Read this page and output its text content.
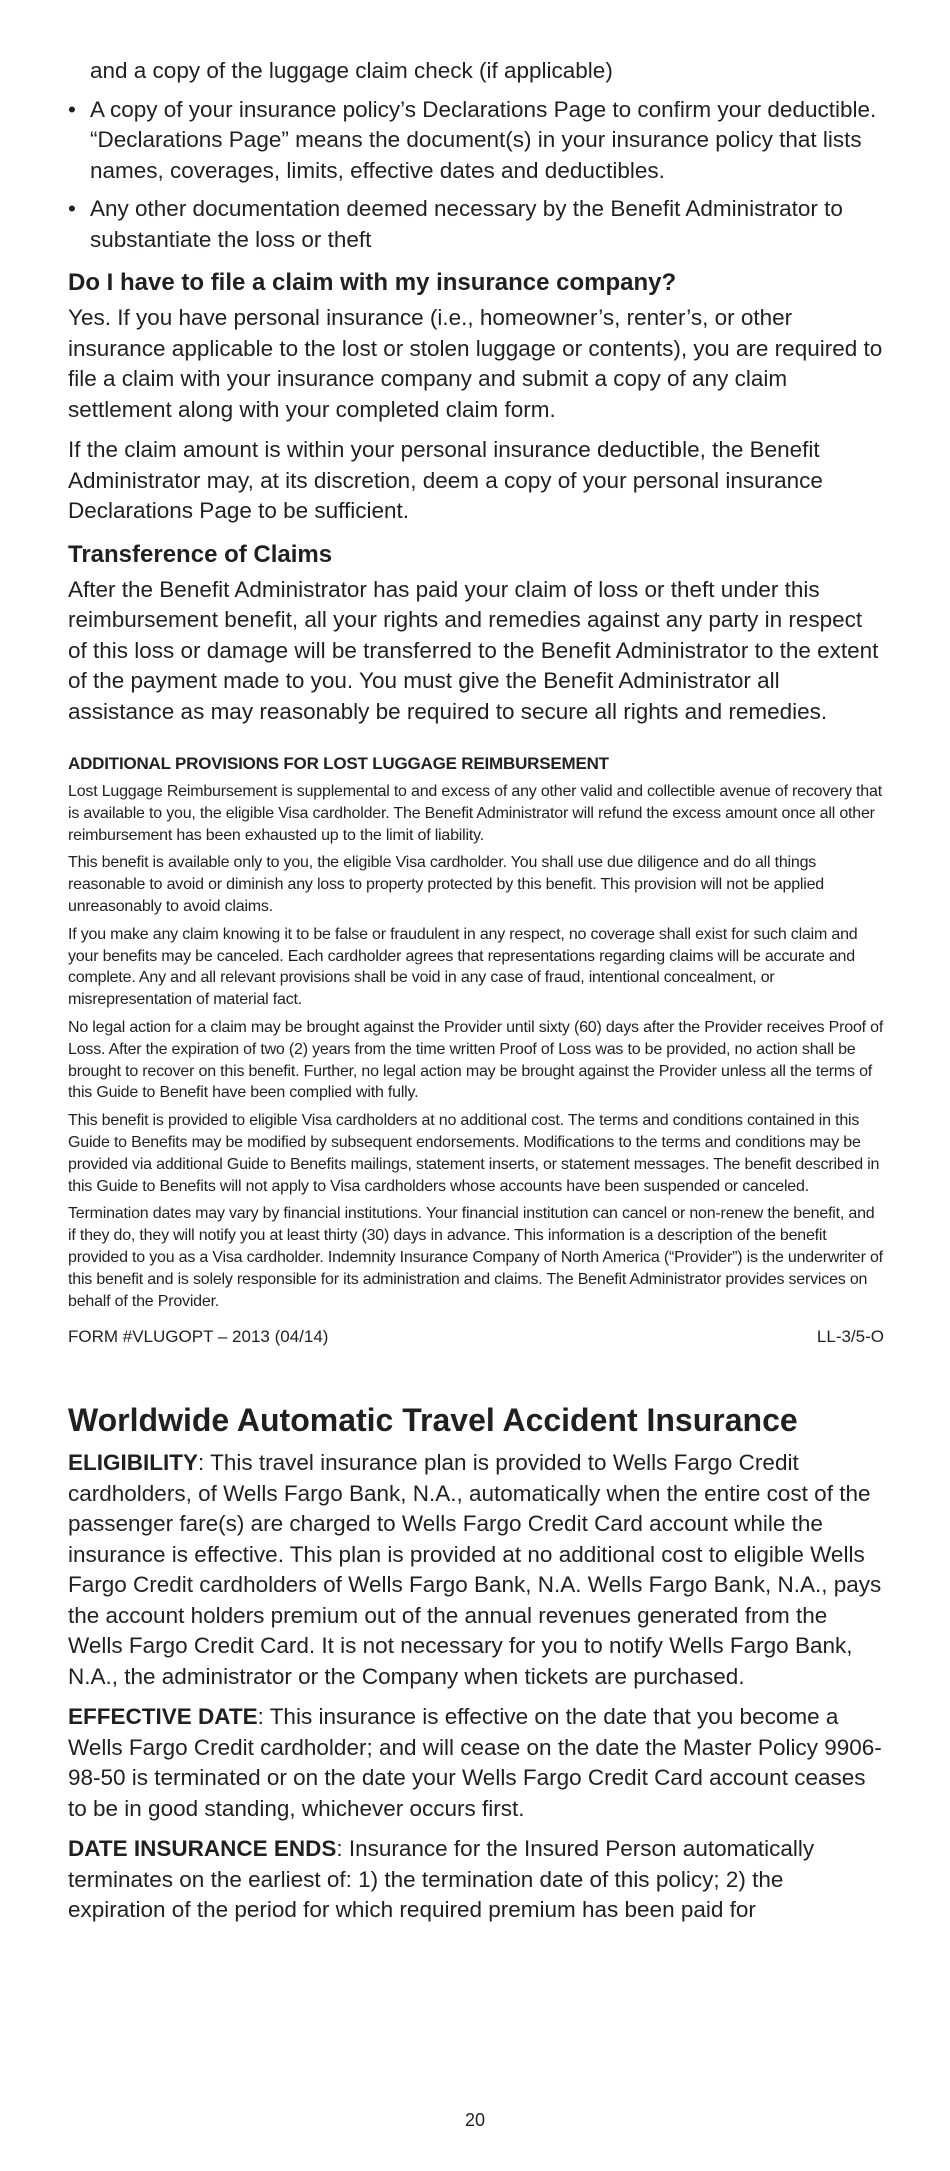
and a copy of the luggage claim check (if applicable)

• A copy of your insurance policy’s Declarations Page to confirm your deductible. “Declarations Page” means the document(s) in your insurance policy that lists names, coverages, limits, effective dates and deductibles.
• Any other documentation deemed necessary by the Benefit Administrator to substantiate the loss or theft
Do I have to file a claim with my insurance company?

Yes. If you have personal insurance (i.e., homeowner’s, renter’s, or other insurance applicable to the lost or stolen luggage or contents), you are required to file a claim with your insurance company and submit a copy of any claim settlement along with your completed claim form.

If the claim amount is within your personal insurance deductible, the Benefit Administrator may, at its discretion, deem a copy of your personal insurance Declarations Page to be sufficient.

Transference of Claims

After the Benefit Administrator has paid your claim of loss or theft under this reimbursement benefit, all your rights and remedies against any party in respect of this loss or damage will be transferred to the Benefit Administrator to the extent of the payment made to you. You must give the Benefit Administrator all assistance as may reasonably be required to secure all rights and remedies.

ADDITIONAL PROVISIONS FOR LOST LUGGAGE REIMBURSEMENT

Lost Luggage Reimbursement is supplemental to and excess of any other valid and collectible avenue of recovery that is available to you, the eligible Visa cardholder. The Benefit Administrator will refund the excess amount once all other reimbursement has been exhausted up to the limit of liability.

This benefit is available only to you, the eligible Visa cardholder. You shall use due diligence and do all things reasonable to avoid or diminish any loss to property protected by this benefit. This provision will not be applied unreasonably to avoid claims.

If you make any claim knowing it to be false or fraudulent in any respect, no coverage shall exist for such claim and your benefits may be canceled. Each cardholder agrees that representations regarding claims will be accurate and complete. Any and all relevant provisions shall be void in any case of fraud, intentional concealment, or misrepresentation of material fact.

No legal action for a claim may be brought against the Provider until sixty (60) days after the Provider receives Proof of Loss. After the expiration of two (2) years from the time written Proof of Loss was to be provided, no action shall be brought to recover on this benefit. Further, no legal action may be brought against the Provider unless all the terms of this Guide to Benefit have been complied with fully.

This benefit is provided to eligible Visa cardholders at no additional cost. The terms and conditions contained in this Guide to Benefits may be modified by subsequent endorsements. Modifications to the terms and conditions may be provided via additional Guide to Benefits mailings, statement inserts, or statement messages. The benefit described in this Guide to Benefits will not apply to Visa cardholders whose accounts have been suspended or canceled.

Termination dates may vary by financial institutions. Your financial institution can cancel or non-renew the benefit, and if they do, they will notify you at least thirty (30) days in advance. This information is a description of the benefit provided to you as a Visa cardholder. Indemnity Insurance Company of North America (“Provider”) is the underwriter of this benefit and is solely responsible for its administration and claims. The Benefit Administrator provides services on behalf of the Provider.

FORM #VLUGOPT – 2013 (04/14)	LL-3/5-O
Worldwide Automatic Travel Accident Insurance

ELIGIBILITY: This travel insurance plan is provided to Wells Fargo Credit cardholders, of Wells Fargo Bank, N.A., automatically when the entire cost of the passenger fare(s) are charged to Wells Fargo Credit Card account while the insurance is effective. This plan is provided at no additional cost to eligible Wells Fargo Credit cardholders of Wells Fargo Bank, N.A. Wells Fargo Bank, N.A., pays the account holders premium out of the annual revenues generated from the Wells Fargo Credit Card. It is not necessary for you to notify Wells Fargo Bank, N.A., the administrator or the Company when tickets are purchased.

EFFECTIVE DATE: This insurance is effective on the date that you become a Wells Fargo Credit cardholder; and will cease on the date the Master Policy 9906-98-50 is terminated or on the date your Wells Fargo Credit Card account ceases to be in good standing, whichever occurs first.

DATE INSURANCE ENDS: Insurance for the Insured Person automatically terminates on the earliest of: 1) the termination date of this policy; 2) the expiration of the period for which required premium has been paid for

20
